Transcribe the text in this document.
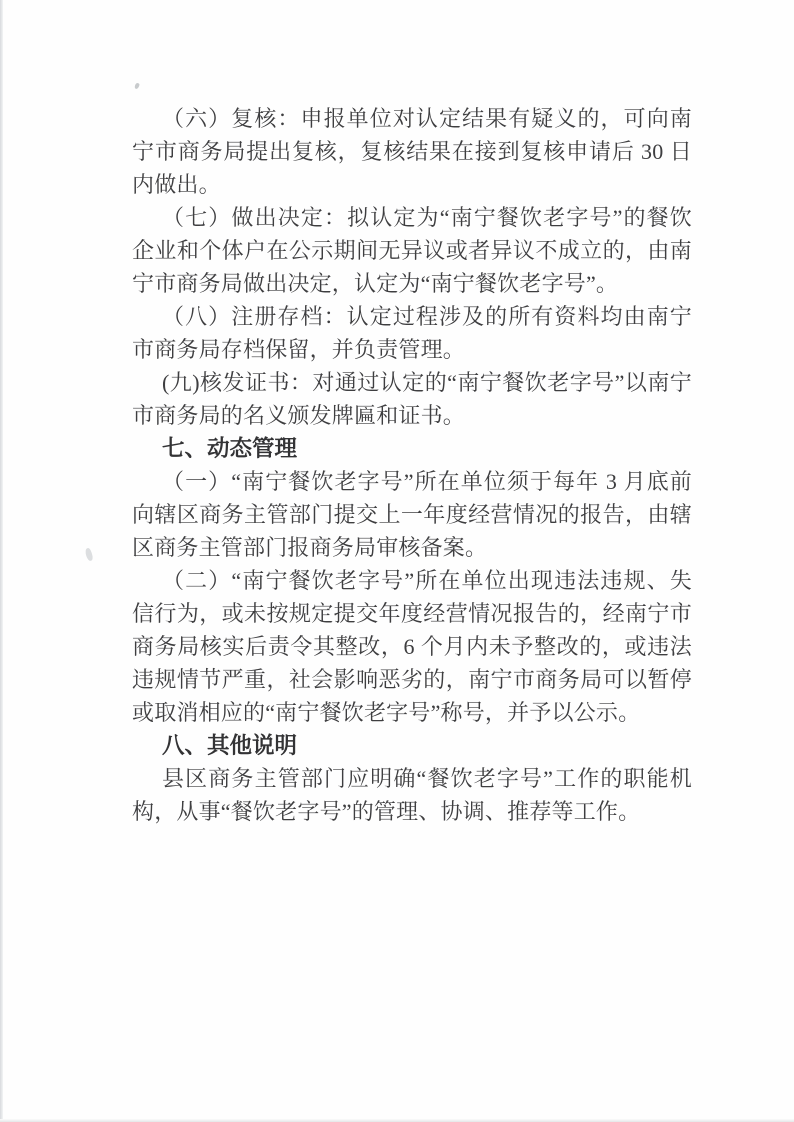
（六）复核：申报单位对认定结果有疑义的，可向南宁市商务局提出复核，复核结果在接到复核申请后 30 日内做出。

（七）做出决定：拟认定为“南宁餐饮老字号”的餐饮企业和个体户在公示期间无异议或者异议不成立的，由南宁市商务局做出决定，认定为“南宁餐饮老字号”。

（八）注册存档：认定过程涉及的所有资料均由南宁市商务局存档保留，并负责管理。

(九)核发证书：对通过认定的“南宁餐饮老字号”以南宁市商务局的名义颁发牌匾和证书。

七、动态管理

（一）“南宁餐饮老字号”所在单位须于每年 3 月底前向辖区商务主管部门提交上一年度经营情况的报告，由辖区商务主管部门报商务局审核备案。

（二）“南宁餐饮老字号”所在单位出现违法违规、失信行为，或未按规定提交年度经营情况报告的，经南宁市商务局核实后责令其整改，6 个月内未予整改的，或违法违规情节严重，社会影响恶劣的，南宁市商务局可以暂停或取消相应的“南宁餐饮老字号”称号，并予以公示。

八、其他说明

县区商务主管部门应明确“餐饮老字号”工作的职能机构，从事“餐饮老字号”的管理、协调、推荐等工作。
